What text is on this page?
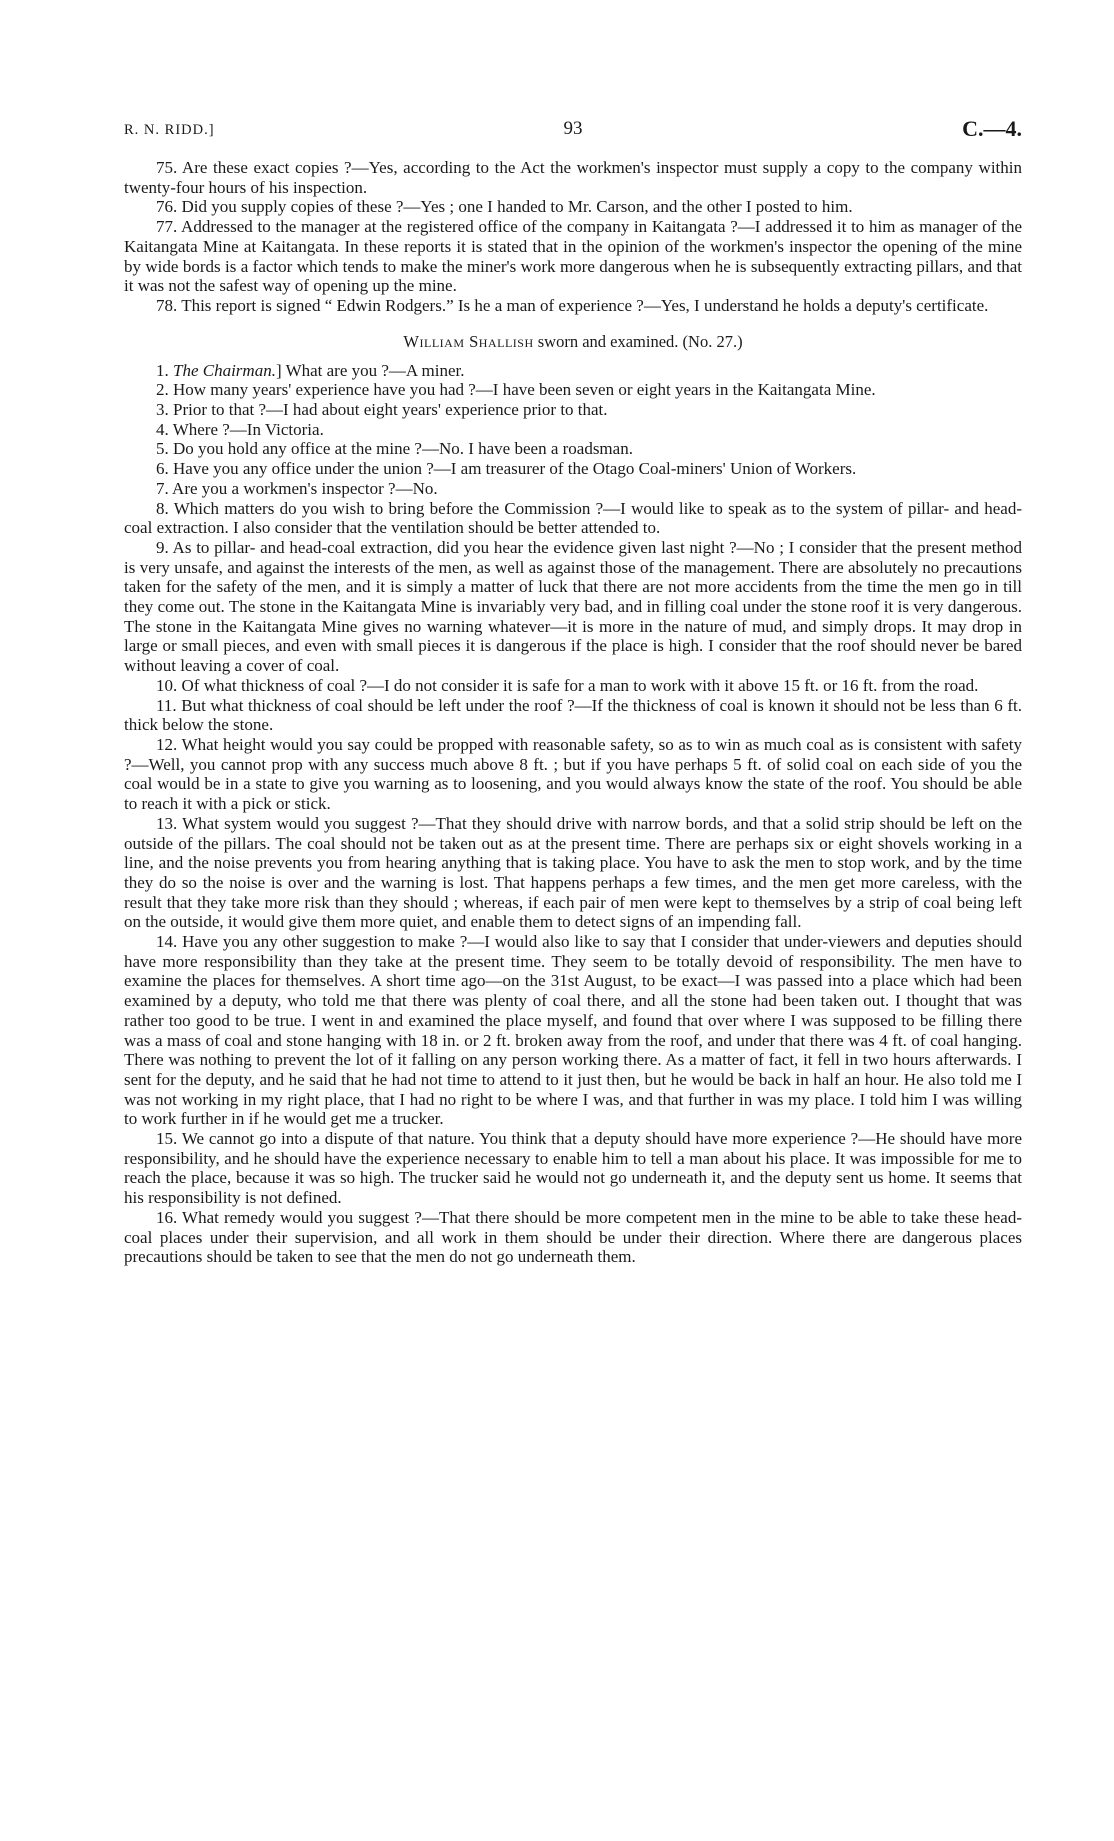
R. N. RIDD.]	93	C.—4.

75. Are these exact copies ?—Yes, according to the Act the workmen's inspector must supply a copy to the company within twenty-four hours of his inspection.

76. Did you supply copies of these ?—Yes ; one I handed to Mr. Carson, and the other I posted to him.

77. Addressed to the manager at the registered office of the company in Kaitangata ?—I addressed it to him as manager of the Kaitangata Mine at Kaitangata. In these reports it is stated that in the opinion of the workmen's inspector the opening of the mine by wide bords is a factor which tends to make the miner's work more dangerous when he is subsequently extracting pillars, and that it was not the safest way of opening up the mine.

78. This report is signed “ Edwin Rodgers.” Is he a man of experience ?—Yes, I understand he holds a deputy's certificate.

William Shallish sworn and examined. (No. 27.)

1. The Chairman.] What are you ?—A miner.

2. How many years' experience have you had ?—I have been seven or eight years in the Kaitangata Mine.

3. Prior to that ?—I had about eight years' experience prior to that.

4. Where ?—In Victoria.

5. Do you hold any office at the mine ?—No. I have been a roadsman.

6. Have you any office under the union ?—I am treasurer of the Otago Coal-miners' Union of Workers.

7. Are you a workmen's inspector ?—No.

8. Which matters do you wish to bring before the Commission ?—I would like to speak as to the system of pillar- and head-coal extraction. I also consider that the ventilation should be better attended to.

9. As to pillar- and head-coal extraction, did you hear the evidence given last night ?—No ; I consider that the present method is very unsafe, and against the interests of the men, as well as against those of the management. There are absolutely no precautions taken for the safety of the men, and it is simply a matter of luck that there are not more accidents from the time the men go in till they come out. The stone in the Kaitangata Mine is invariably very bad, and in filling coal under the stone roof it is very dangerous. The stone in the Kaitangata Mine gives no warning whatever—it is more in the nature of mud, and simply drops. It may drop in large or small pieces, and even with small pieces it is dangerous if the place is high. I consider that the roof should never be bared without leaving a cover of coal.

10. Of what thickness of coal ?—I do not consider it is safe for a man to work with it above 15 ft. or 16 ft. from the road.

11. But what thickness of coal should be left under the roof ?—If the thickness of coal is known it should not be less than 6 ft. thick below the stone.

12. What height would you say could be propped with reasonable safety, so as to win as much coal as is consistent with safety ?—Well, you cannot prop with any success much above 8 ft. ; but if you have perhaps 5 ft. of solid coal on each side of you the coal would be in a state to give you warning as to loosening, and you would always know the state of the roof. You should be able to reach it with a pick or stick.

13. What system would you suggest ?—That they should drive with narrow bords, and that a solid strip should be left on the outside of the pillars. The coal should not be taken out as at the present time. There are perhaps six or eight shovels working in a line, and the noise prevents you from hearing anything that is taking place. You have to ask the men to stop work, and by the time they do so the noise is over and the warning is lost. That happens perhaps a few times, and the men get more careless, with the result that they take more risk than they should ; whereas, if each pair of men were kept to themselves by a strip of coal being left on the outside, it would give them more quiet, and enable them to detect signs of an impending fall.

14. Have you any other suggestion to make ?—I would also like to say that I consider that under-viewers and deputies should have more responsibility than they take at the present time. They seem to be totally devoid of responsibility. The men have to examine the places for themselves. A short time ago—on the 31st August, to be exact—I was passed into a place which had been examined by a deputy, who told me that there was plenty of coal there, and all the stone had been taken out. I thought that was rather too good to be true. I went in and examined the place myself, and found that over where I was supposed to be filling there was a mass of coal and stone hanging with 18 in. or 2 ft. broken away from the roof, and under that there was 4 ft. of coal hanging. There was nothing to prevent the lot of it falling on any person working there. As a matter of fact, it fell in two hours afterwards. I sent for the deputy, and he said that he had not time to attend to it just then, but he would be back in half an hour. He also told me I was not working in my right place, that I had no right to be where I was, and that further in was my place. I told him I was willing to work further in if he would get me a trucker.

15. We cannot go into a dispute of that nature. You think that a deputy should have more experience ?—He should have more responsibility, and he should have the experience necessary to enable him to tell a man about his place. It was impossible for me to reach the place, because it was so high. The trucker said he would not go underneath it, and the deputy sent us home. It seems that his responsibility is not defined.

16. What remedy would you suggest ?—That there should be more competent men in the mine to be able to take these head-coal places under their supervision, and all work in them should be under their direction. Where there are dangerous places precautions should be taken to see that the men do not go underneath them.
